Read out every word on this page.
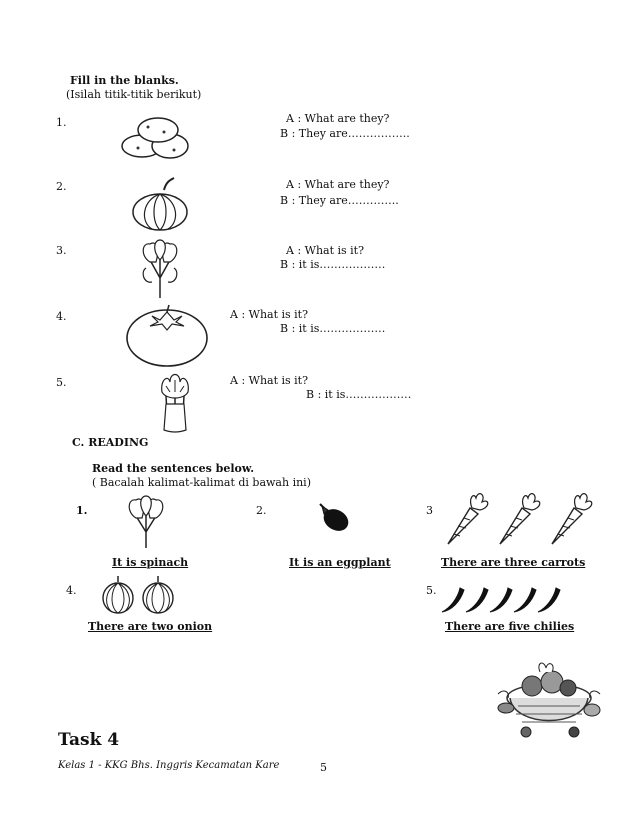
Fill in the blanks.
(Isilah titik-titik berikut)
1.	A : What are they?
B : They are……………..
2.	A : What are they?
B : They are…………..
3.	A : What is it?
B : it is………………
4.	A : What is it?
B : it is………………
5.	A : What is it?
B : it is………………
C. READING
Read the sentences below.
( Bacalah kalimat-kalimat di bawah ini)
1.
It is spinach
2.
It is an eggplant
3
There are three carrots
4.
There are two onion
5.
There are five chilies
Task 4
Kelas 1 - KKG Bhs. Inggris Kecamatan Kare	5
